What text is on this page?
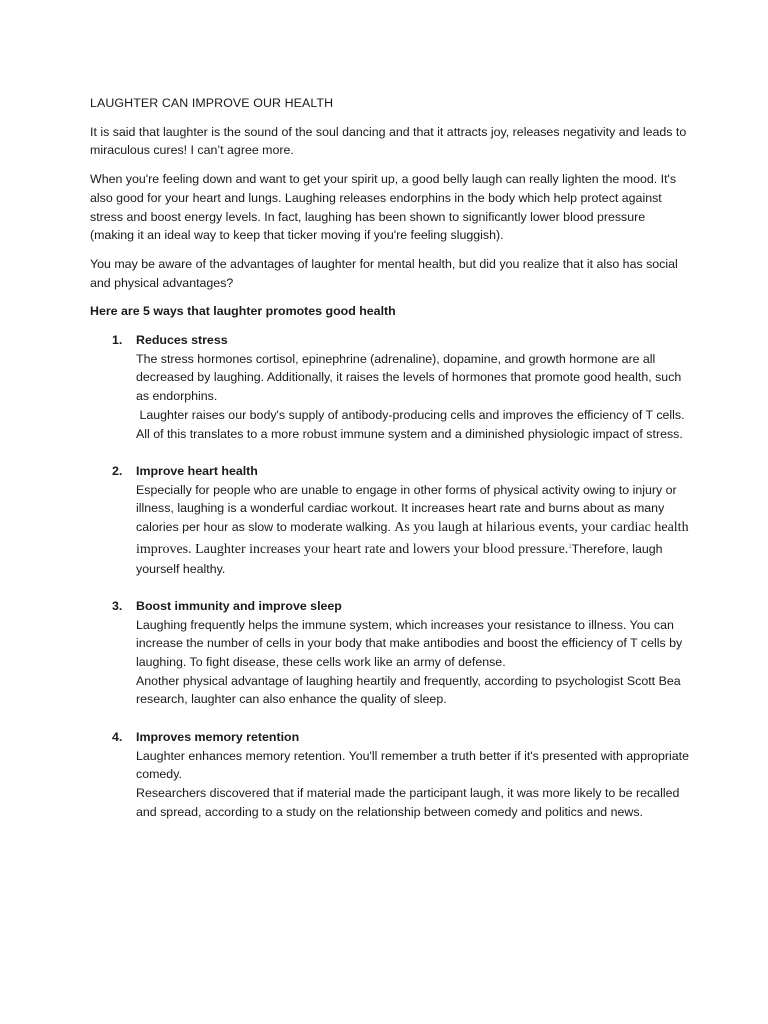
LAUGHTER CAN IMPROVE OUR HEALTH

It is said that laughter is the sound of the soul dancing and that it attracts joy, releases negativity and leads to miraculous cures! I can’t agree more.

When you're feeling down and want to get your spirit up, a good belly laugh can really lighten the mood. It's also good for your heart and lungs. Laughing releases endorphins in the body which help protect against stress and boost energy levels. In fact, laughing has been shown to significantly lower blood pressure (making it an ideal way to keep that ticker moving if you're feeling sluggish).

You may be aware of the advantages of laughter for mental health, but did you realize that it also has social and physical advantages?

Here are 5 ways that laughter promotes good health
1. Reduces stress
The stress hormones cortisol, epinephrine (adrenaline), dopamine, and growth hormone are all decreased by laughing. Additionally, it raises the levels of hormones that promote good health, such as endorphins.
Laughter raises our body's supply of antibody-producing cells and improves the efficiency of T cells. All of this translates to a more robust immune system and a diminished physiologic impact of stress.
2. Improve heart health
Especially for people who are unable to engage in other forms of physical activity owing to injury or illness, laughing is a wonderful cardiac workout. It increases heart rate and burns about as many calories per hour as slow to moderate walking. As you laugh at hilarious events, your cardiac health improves. Laughter increases your heart rate and lowers your blood pressure.$^1$Therefore, laugh yourself healthy.
3. Boost immunity and improve sleep
Laughing frequently helps the immune system, which increases your resistance to illness. You can increase the number of cells in your body that make antibodies and boost the efficiency of T cells by laughing. To fight disease, these cells work like an army of defense.
Another physical advantage of laughing heartily and frequently, according to psychologist Scott Bea research, laughter can also enhance the quality of sleep.
4. Improves memory retention
Laughter enhances memory retention. You'll remember a truth better if it's presented with appropriate comedy.
Researchers discovered that if material made the participant laugh, it was more likely to be recalled and spread, according to a study on the relationship between comedy and politics and news.
